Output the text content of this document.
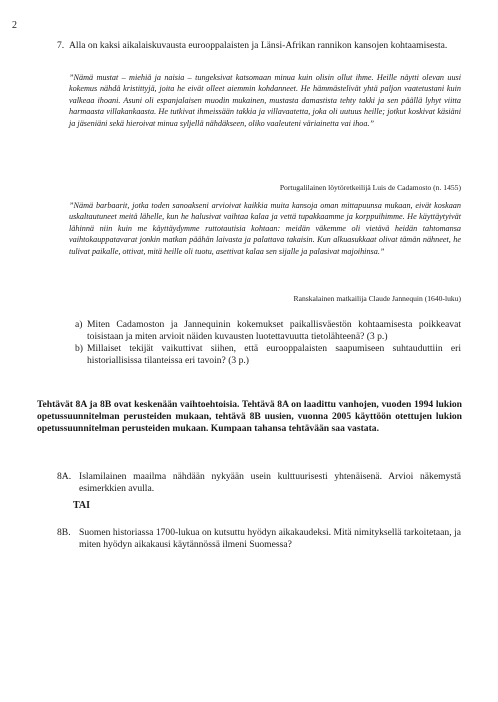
2
7. Alla on kaksi aikalaiskuvausta eurooppalaisten ja Länsi-Afrikan rannikon kansojen kohtaamisesta.
”Nämä mustat – miehiä ja naisia – tungeksivat katsomaan minua kuin olisin ollut ihme. Heille näytti olevan uusi kokemus nähdä kristittyjä, joita he eivät olleet aiemmin kohdanneet. He hämmästelivät yhtä paljon vaatetustani kuin valkeaa ihoani. Asuni oli espanjalaisen muodin mukainen, mustasta damastista tehty takki ja sen päällä lyhyt viitta harmaasta villakankaasta. He tutkivat ihmeissään takkia ja villavaatetta, joka oli uutuus heille; jotkut koskivat käsiäni ja jäseniäni sekä hieroivat minua syljellä nähdäkseen, oliko vaaleuteni väriainetta vai ihoa.”
Portugalilainen löytöretkeilijä Luis de Cadamosto (n. 1455)
”Nämä barbaarit, jotka toden sanoakseni arvioivat kaikkia muita kansoja oman mittapuunsa mukaan, eivät koskaan uskaltautuneet meitä lähelle, kun he halusivat vaihtaa kalaa ja vettä tupakkaamme ja korppuihimme. He käyttäytyivät lähinnä niin kuin me käyttäydymme ruttotautisia kohtaan: meidän väkemme oli vietävä heidän tahtomansa vaihtokauppatavarat jonkin matkan päähän laivasta ja palattava takaisin. Kun alkuasukkaat olivat tämän nähneet, he tulivat paikalle, ottivat, mitä heille oli tuotu, asettivat kalaa sen sijalle ja palasivat majoihinsa.”
Ranskalainen matkailija Claude Jannequin (1640-luku)
a) Miten Cadamoston ja Jannequinin kokemukset paikallisväestön kohtaamisesta poikkeavat toisistaan ja miten arvioit näiden kuvausten luotettavuutta tietolähteenä? (3 p.)
b) Millaiset tekijät vaikuttivat siihen, että eurooppalaisten saapumiseen suhtauduttiin eri historiallisissa tilanteissa eri tavoin? (3 p.)
Tehtävät 8A ja 8B ovat keskenään vaihtoehtoisia. Tehtävä 8A on laadittu vanhojen, vuoden 1994 lukion opetussuunnitelman perusteiden mukaan, tehtävä 8B uusien, vuonna 2005 käyttöön otettujen lukion opetussuunnitelman perusteiden mukaan. Kumpaan tahansa tehtävään saa vastata.
8A. Islamilainen maailma nähdään nykyään usein kulttuurisesti yhtenäisenä. Arvioi näkemystä esimerkkien avulla.
TAI
8B. Suomen historiassa 1700-lukua on kutsuttu hyödyn aikakaudeksi. Mitä nimityksellä tarkoitetaan, ja miten hyödyn aikakausi käytännössä ilmeni Suomessa?
